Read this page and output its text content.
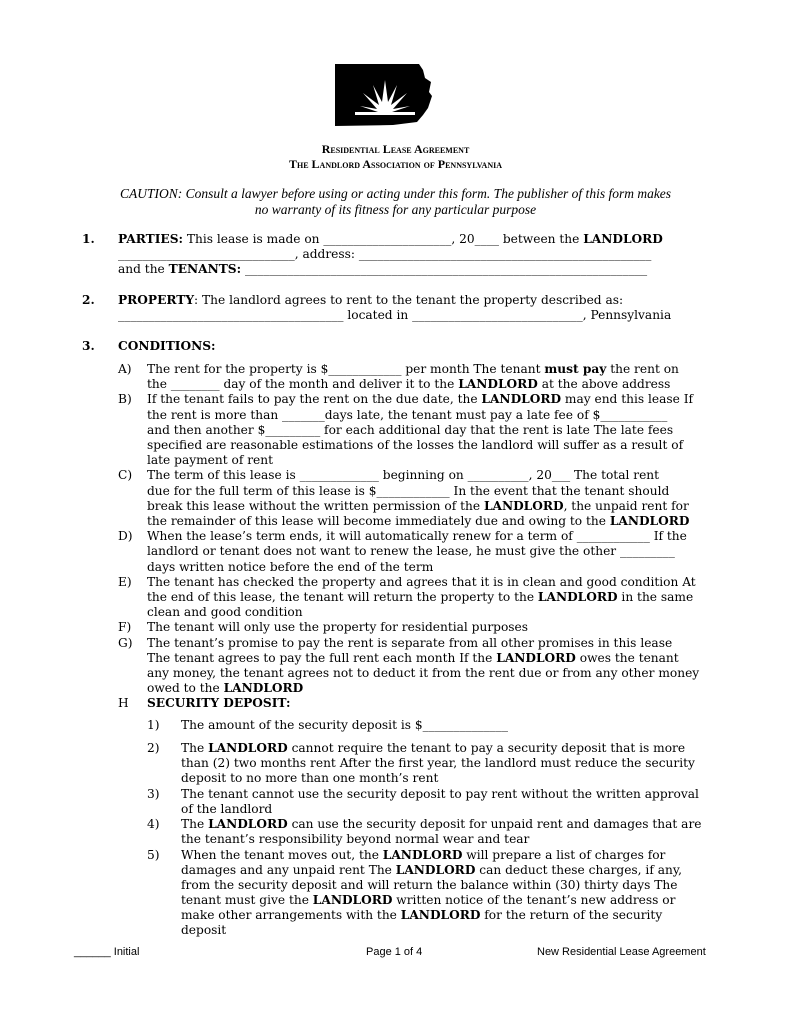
Residential Lease Agreement
The Landlord Association of Pennsylvania
CAUTION: Consult a lawyer before using or acting under this form. The publisher of this form makes
no warranty of its fitness for any particular purpose
1. PARTIES: This lease is made on _____________________, 20____ between the LANDLORD
_____________________________, address: ________________________________________________
and the TENANTS: __________________________________________________________________
2. PROPERTY: The landlord agrees to rent to the tenant the property described as:
_____________________________________ located in ____________________________, Pennsylvania
3. CONDITIONS:
______ Initial	Page 1 of 4	New Residential Lease Agreement
The rent for the property is $____________ per month The tenant must pay the rent on
the ________ day of the month and deliver it to the LANDLORD at the above address
If the tenant fails to pay the rent on the due date, the LANDLORD may end this lease If
the rent is more than _______days late, the tenant must pay a late fee of $___________
and then another $_________ for each additional day that the rent is late The late fees
specified are reasonable estimations of the losses the landlord will suffer as a result of
late payment of rent
The term of this lease is _____________ beginning on __________, 20___ The total rent
due for the full term of this lease is $____________ In the event that the tenant should
break this lease without the written permission of the LANDLORD, the unpaid rent for
the remainder of this lease will become immediately due and owing to the LANDLORD
When the lease’s term ends, it will automatically renew for a term of ____________ If the
landlord or tenant does not want to renew the lease, he must give the other _________
days written notice before the end of the term
The tenant has checked the property and agrees that it is in clean and good condition At
the end of this lease, the tenant will return the property to the LANDLORD in the same
clean and good condition
The tenant will only use the property for residential purposes
The tenant’s promise to pay the rent is separate from all other promises in this lease
The tenant agrees to pay the full rent each month If the LANDLORD owes the tenant
any money, the tenant agrees not to deduct it from the rent due or from any other money
owed to the LANDLORD
SECURITY DEPOSIT:
A)
B)
C)
D)
E)
F)
G)
H
The amount of the security deposit is $______________
The LANDLORD cannot require the tenant to pay a security deposit that is more
than (2) two months rent After the first year, the landlord must reduce the security
deposit to no more than one month’s rent
The tenant cannot use the security deposit to pay rent without the written approval
of the landlord
The LANDLORD can use the security deposit for unpaid rent and damages that are
the tenant’s responsibility beyond normal wear and tear
When the tenant moves out, the LANDLORD will prepare a list of charges for
damages and any unpaid rent The LANDLORD can deduct these charges, if any,
from the security deposit and will return the balance within (30) thirty days The
tenant must give the LANDLORD written notice of the tenant’s new address or
make other arrangements with the LANDLORD for the return of the security
deposit
1)
2)
3)
4)
5)
